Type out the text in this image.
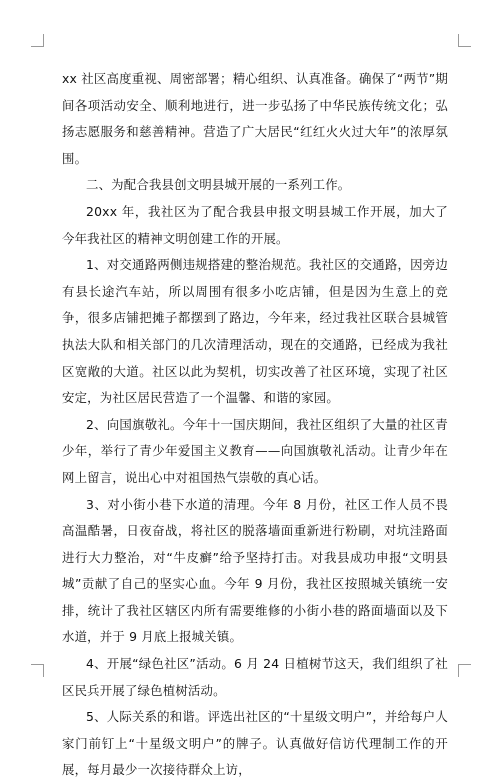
xx 社区高度重视、周密部署；精心组织、认真准备。确保了“两节”期间各项活动安全、顺利地进行，进一步弘扬了中华民族传统文化；弘扬志愿服务和慈善精神。营造了广大居民“红红火火过大年”的浓厚氛围。

二、为配合我县创文明县城开展的一系列工作。

20xx 年，我社区为了配合我县申报文明县城工作开展，加大了今年我社区的精神文明创建工作的开展。

1、对交通路两侧违规搭建的整治规范。我社区的交通路，因旁边有县长途汽车站，所以周围有很多小吃店铺，但是因为生意上的竞争，很多店铺把摊子都摆到了路边，今年来，经过我社区联合县城管执法大队和相关部门的几次清理活动，现在的交通路，已经成为我社区宽敞的大道。社区以此为契机，切实改善了社区环境，实现了社区安定，为社区居民营造了一个温馨、和谐的家园。

2、向国旗敬礼。今年十一国庆期间，我社区组织了大量的社区青少年，举行了青少年爱国主义教育——向国旗敬礼活动。让青少年在网上留言，说出心中对祖国热气崇敬的真心话。

3、对小街小巷下水道的清理。今年 8 月份，社区工作人员不畏高温酷暑，日夜奋战，将社区的脱落墙面重新进行粉刷，对坑洼路面进行大力整治，对“牛皮癣”给予坚持打击。对我县成功申报“文明县城”贡献了自己的坚实心血。今年 9 月份，我社区按照城关镇统一安排，统计了我社区辖区内所有需要维修的小街小巷的路面墙面以及下水道，并于 9 月底上报城关镇。

4、开展“绿色社区”活动。6 月 24 日植树节这天，我们组织了社区民兵开展了绿色植树活动。

5、人际关系的和谐。评选出社区的“十星级文明户”，并给每户人家门前钉上“十星级文明户”的牌子。认真做好信访代理制工作的开展，每月最少一次接待群众上访，
